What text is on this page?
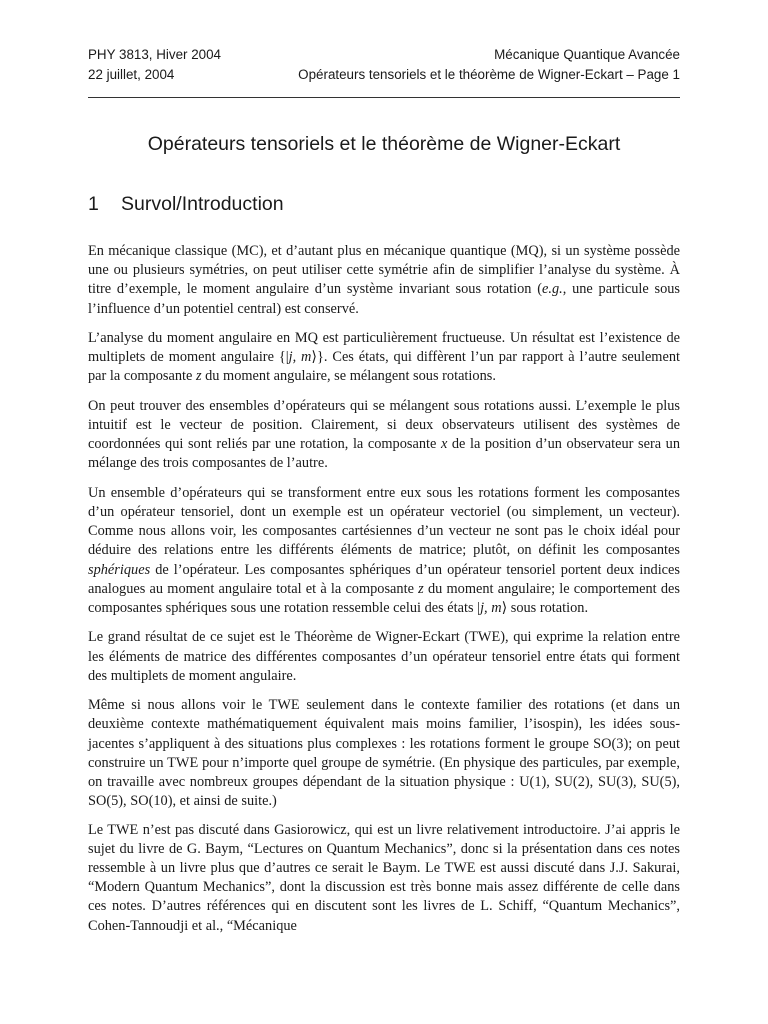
PHY 3813, Hiver 2004
22 juillet, 2004
Mécanique Quantique Avancée
Opérateurs tensoriels et le théorème de Wigner-Eckart – Page 1
Opérateurs tensoriels et le théorème de Wigner-Eckart
1 Survol/Introduction

En mécanique classique (MC), et d’autant plus en mécanique quantique (MQ), si un système possède une ou plusieurs symétries, on peut utiliser cette symétrie afin de simplifier l’analyse du système. À titre d’exemple, le moment angulaire d’un système invariant sous rotation (e.g., une particule sous l’influence d’un potentiel central) est conservé.

L’analyse du moment angulaire en MQ est particulièrement fructueuse. Un résultat est l’existence de multiplets de moment angulaire {|j, m⟩}. Ces états, qui diffèrent l’un par rapport à l’autre seulement par la composante z du moment angulaire, se mélangent sous rotations.

On peut trouver des ensembles d’opérateurs qui se mélangent sous rotations aussi. L’exemple le plus intuitif est le vecteur de position. Clairement, si deux observateurs utilisent des systèmes de coordonnées qui sont reliés par une rotation, la composante x de la position d’un observateur sera un mélange des trois composantes de l’autre.

Un ensemble d’opérateurs qui se transforment entre eux sous les rotations forment les composantes d’un opérateur tensoriel, dont un exemple est un opérateur vectoriel (ou simplement, un vecteur). Comme nous allons voir, les composantes cartésiennes d’un vecteur ne sont pas le choix idéal pour déduire des relations entre les différents éléments de matrice; plutôt, on définit les composantes sphériques de l’opérateur. Les composantes sphériques d’un opérateur tensoriel portent deux indices analogues au moment angulaire total et à la composante z du moment angulaire; le comportement des composantes sphériques sous une rotation ressemble celui des états |j, m⟩ sous rotation.

Le grand résultat de ce sujet est le Théorème de Wigner-Eckart (TWE), qui exprime la relation entre les éléments de matrice des différentes composantes d’un opérateur tensoriel entre états qui forment des multiplets de moment angulaire.

Même si nous allons voir le TWE seulement dans le contexte familier des rotations (et dans un deuxième contexte mathématiquement équivalent mais moins familier, l’isospin), les idées sous-jacentes s’appliquent à des situations plus complexes : les rotations forment le groupe SO(3); on peut construire un TWE pour n’importe quel groupe de symétrie. (En physique des particules, par exemple, on travaille avec nombreux groupes dépendant de la situation physique : U(1), SU(2), SU(3), SU(5), SO(5), SO(10), et ainsi de suite.)

Le TWE n’est pas discuté dans Gasiorowicz, qui est un livre relativement introductoire. J’ai appris le sujet du livre de G. Baym, “Lectures on Quantum Mechanics”, donc si la présentation dans ces notes ressemble à un livre plus que d’autres ce serait le Baym. Le TWE est aussi discuté dans J.J. Sakurai, “Modern Quantum Mechanics”, dont la discussion est très bonne mais assez différente de celle dans ces notes. D’autres références qui en discutent sont les livres de L. Schiff, “Quantum Mechanics”, Cohen-Tannoudji et al., “Mécanique
